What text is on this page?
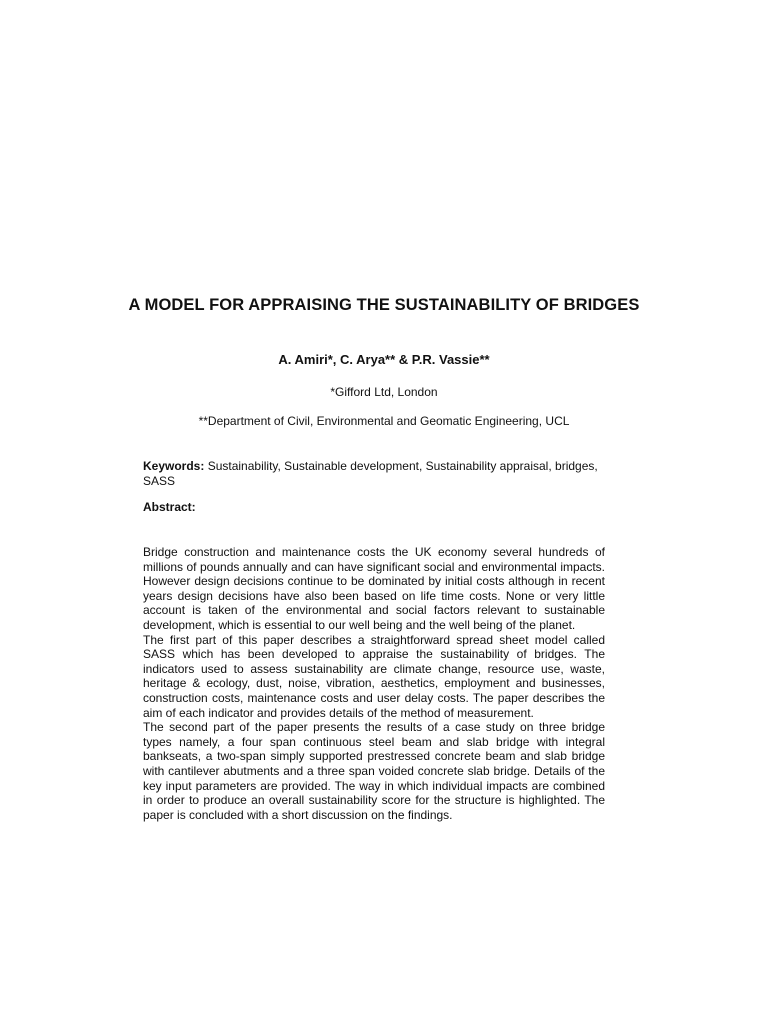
A MODEL FOR APPRAISING THE SUSTAINABILITY OF BRIDGES
A. Amiri*, C. Arya** & P.R. Vassie**
*Gifford Ltd, London
**Department of Civil, Environmental and Geomatic Engineering, UCL
Keywords: Sustainability, Sustainable development, Sustainability appraisal, bridges, SASS
Abstract:

Bridge construction and maintenance costs the UK economy several hundreds of millions of pounds annually and can have significant social and environmental impacts. However design decisions continue to be dominated by initial costs although in recent years design decisions have also been based on life time costs. None or very little account is taken of the environmental and social factors relevant to sustainable development, which is essential to our well being and the well being of the planet.

The first part of this paper describes a straightforward spread sheet model called SASS which has been developed to appraise the sustainability of bridges. The indicators used to assess sustainability are climate change, resource use, waste, heritage & ecology, dust, noise, vibration, aesthetics, employment and businesses, construction costs, maintenance costs and user delay costs. The paper describes the aim of each indicator and provides details of the method of measurement.

The second part of the paper presents the results of a case study on three bridge types namely, a four span continuous steel beam and slab bridge with integral bankseats, a two-span simply supported prestressed concrete beam and slab bridge with cantilever abutments and a three span voided concrete slab bridge. Details of the key input parameters are provided. The way in which individual impacts are combined in order to produce an overall sustainability score for the structure is highlighted. The paper is concluded with a short discussion on the findings.
